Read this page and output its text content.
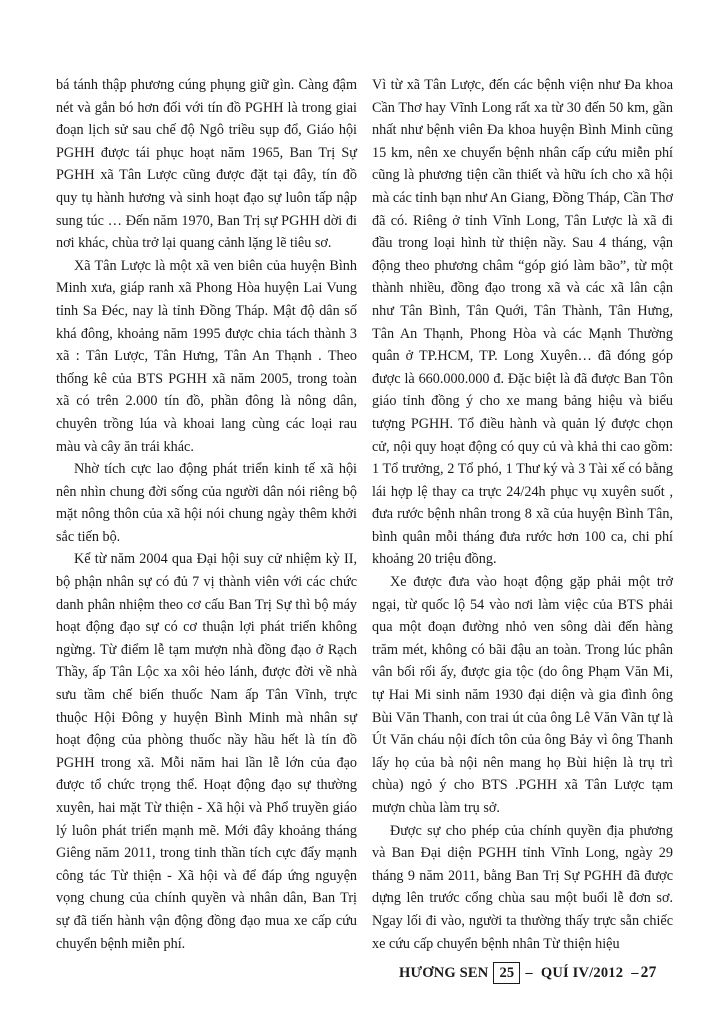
bá tánh thập phương cúng phụng giữ gìn. Càng đậm nét và gắn bó hơn đối với tín đồ PGHH là trong giai đoạn lịch sử sau chế độ Ngô triều sụp đổ, Giáo hội PGHH được tái phục hoạt năm 1965, Ban Trị Sự PGHH xã Tân Lược cũng được đặt tại đây, tín đồ quy tụ hành hương và sinh hoạt đạo sự luôn tấp nập sung túc … Đến năm 1970, Ban Trị sự PGHH dời đi nơi khác, chùa trở lại quang cảnh lặng lẽ tiêu sơ.

Xã Tân Lược là một xã ven biên của huyện Bình Minh xưa, giáp ranh xã Phong Hòa huyện Lai Vung tỉnh Sa Đéc, nay là tỉnh Đồng Tháp. Mật độ dân số khá đông, khoảng năm 1995 được chia tách thành 3 xã : Tân Lược, Tân Hưng, Tân An Thạnh . Theo thống kê của BTS PGHH xã năm 2005, trong toàn xã có trên 2.000 tín đồ, phần đông là nông dân, chuyên trồng lúa và khoai lang cùng các loại rau màu và cây ăn trái khác.

Nhờ tích cực lao động phát triển kinh tế xã hội nên nhìn chung đời sống của người dân nói riêng bộ mặt nông thôn của xã hội nói chung ngày thêm khởi sắc tiến bộ.

Kể từ năm 2004 qua Đại hội suy cử nhiệm kỳ II, bộ phận nhân sự có đủ 7 vị thành viên với các chức danh phân nhiệm theo cơ cấu Ban Trị Sự thì bộ máy hoạt động đạo sự có cơ thuận lợi phát triển không ngừng. Từ điểm lễ tạm mượn nhà đồng đạo ở Rạch Thầy, ấp Tân Lộc xa xôi hẻo lánh, được đời về nhà sưu tầm chế biến thuốc Nam ấp Tân Vĩnh, trực thuộc Hội Đông y huyện Bình Minh mà nhân sự hoạt động của phòng thuốc nầy hầu hết là tín đồ PGHH trong xã. Mỗi năm hai lần lễ lớn của đạo được tổ chức trọng thể. Hoạt động đạo sự thường xuyên, hai mặt Từ thiện - Xã hội và Phổ truyền giáo lý luôn phát triển mạnh mẽ. Mới đây khoảng tháng Giêng năm 2011, trong tinh thần tích cực đẩy mạnh công tác Từ thiện - Xã hội và để đáp ứng nguyện vọng chung của chính quyền và nhân dân, Ban Trị sự đã tiến hành vận động đồng đạo mua xe cấp cứu chuyển bệnh miễn phí.

Vì từ xã Tân Lược, đến các bệnh viện như Đa khoa Cần Thơ hay Vĩnh Long rất xa từ 30 đến 50 km, gần nhất như bệnh viên Đa khoa huyện Bình Minh cũng 15 km, nên xe chuyển bệnh nhân cấp cứu miễn phí cũng là phương tiện cần thiết và hữu ích cho xã hội mà các tỉnh bạn như An Giang, Đồng Tháp, Cần Thơ đã có. Riêng ở tỉnh Vĩnh Long, Tân Lược là xã đi đầu trong loại hình từ thiện nầy. Sau 4 tháng, vận động theo phương châm “góp gió làm bão”, từ một thành nhiều, đồng đạo trong xã và các xã lân cận như Tân Bình, Tân Quới, Tân Thành, Tân Hưng, Tân An Thạnh, Phong Hòa và các Mạnh Thường quân ở TP.HCM, TP. Long Xuyên… đã đóng góp được là 660.000.000 đ. Đặc biệt là đã được Ban Tôn giáo tỉnh đồng ý cho xe mang bảng hiệu và biểu tượng PGHH. Tổ điều hành và quản lý được chọn cử, nội quy hoạt động có quy củ và khả thi cao gồm: 1 Tổ trưởng, 2 Tổ phó, 1 Thư ký và 3 Tài xế có bằng lái hợp lệ thay ca trực 24/24h phục vụ xuyên suốt , đưa rước bệnh nhân trong 8 xã của huyện Bình Tân, bình quân mỗi tháng đưa rước hơn 100 ca, chi phí khoảng 20 triệu đồng.

Xe được đưa vào hoạt động gặp phải một trở ngại, từ quốc lộ 54 vào nơi làm việc của BTS phải qua một đoạn đường nhỏ ven sông dài đến hàng trăm mét, không có bãi đậu an toàn. Trong lúc phân vân bối rối ấy, được gia tộc (do ông Phạm Văn Mi, tự Hai Mi sinh năm 1930 đại diện và gia đình ông Bùi Văn Thanh, con trai út của ông Lê Văn Vãn tự là Út Văn cháu nội đích tôn của ông Bảy vì ông Thanh lấy họ của bà nội nên mang họ Bùi hiện là trụ trì chùa) ngỏ ý cho BTS .PGHH xã Tân Lược tạm mượn chùa làm trụ sở.

Được sự cho phép của chính quyền địa phương và Ban Đại diện PGHH tỉnh Vĩnh Long, ngày 29 tháng 9 năm 2011, bằng Ban Trị Sự PGHH đã được dựng lên trước cổng chùa sau một buổi lễ đơn sơ. Ngay lối đi vào, người ta thường thấy trực sẵn chiếc xe cứu cấp chuyển bệnh nhân Từ thiện hiệu

HƯƠNG SEN 25 – QUÍ IV/2012 – 27
